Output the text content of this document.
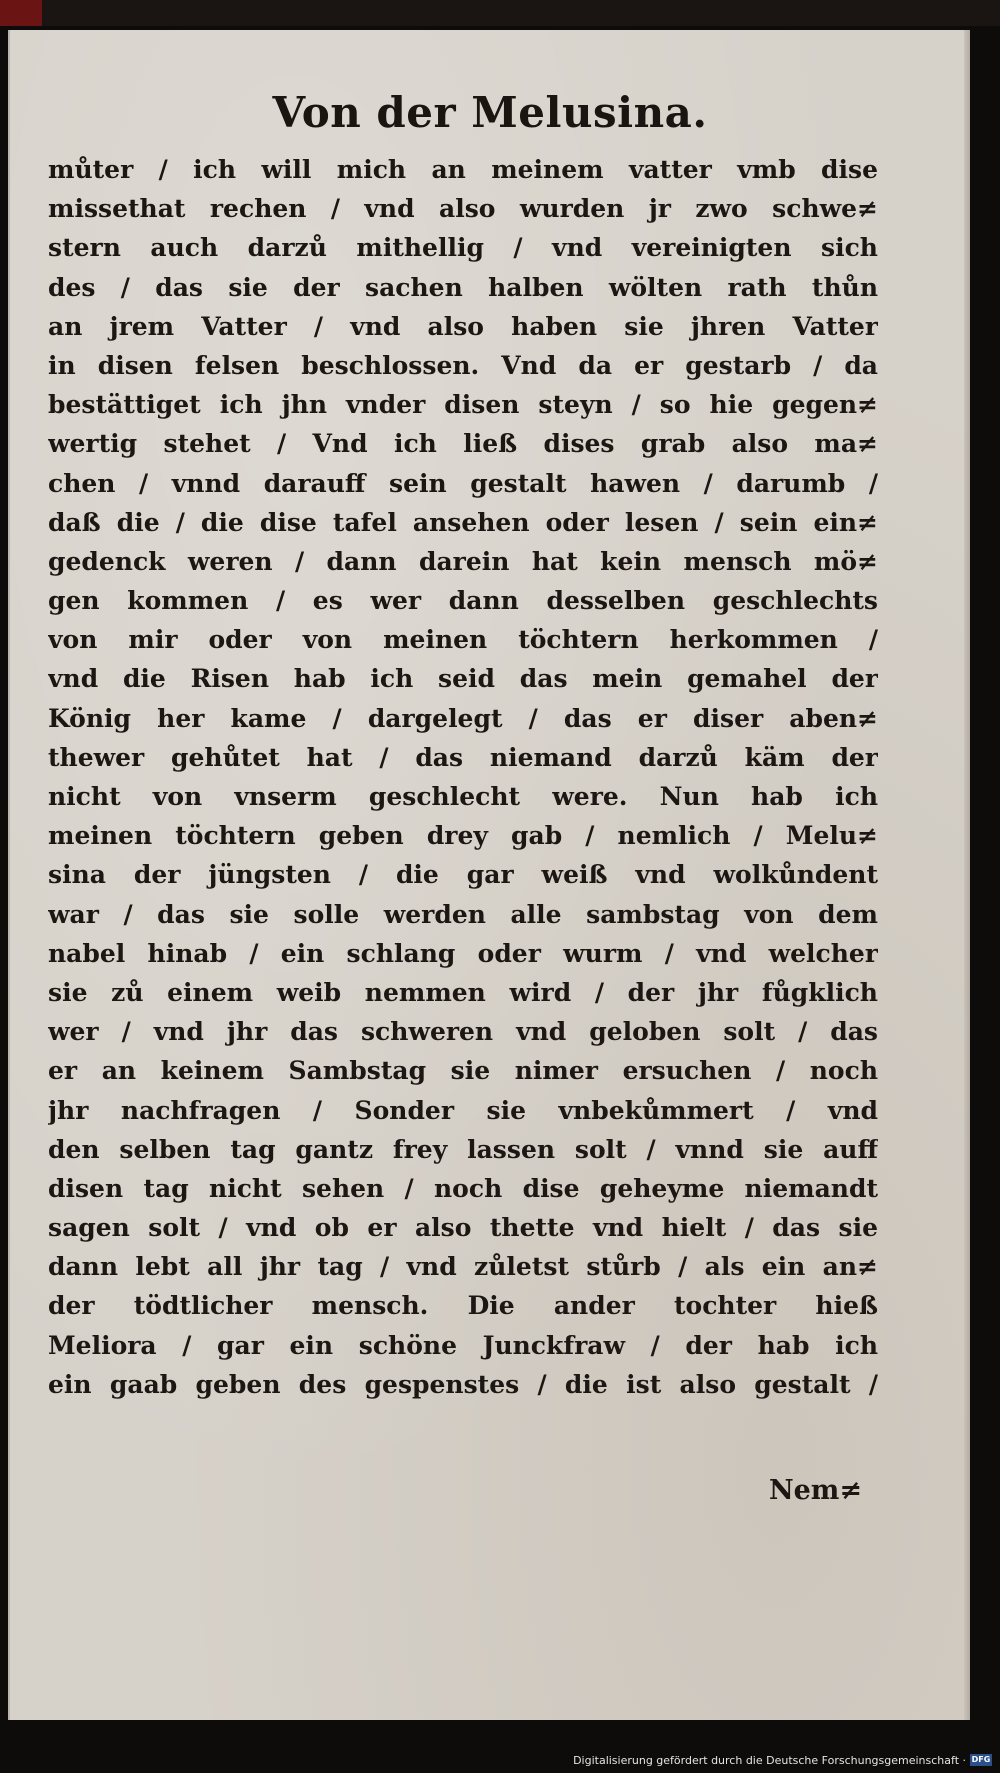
Von der Melusina.
můter / ich will mich an meinem vatter vmb dise
missethat rechen / vnd also wurden jr zwo schwe≠
stern auch darzů mithellig / vnd vereinigten sich
des / das sie der sachen halben wölten rath thůn
an jrem Vatter / vnd also haben sie jhren Vatter
in disen felsen beschlossen. Vnd da er gestarb / da
bestättiget ich jhn vnder disen steyn / so hie gegen≠
wertig stehet / Vnd ich ließ dises grab also ma≠
chen / vnnd darauff sein gestalt hawen / darumb /
daß die / die dise tafel ansehen oder lesen / sein ein≠
gedenck weren / dann darein hat kein mensch mö≠
gen kommen / es wer dann desselben geschlechts
von mir oder von meinen töchtern herkommen /
vnd die Risen hab ich seid das mein gemahel der
König her kame / dargelegt / das er diser aben≠
thewer gehůtet hat / das niemand darzů käm der
nicht von vnserm geschlecht were. Nun hab ich
meinen töchtern geben drey gab / nemlich / Melu≠
sina der jüngsten / die gar weiß vnd wolkůndent
war / das sie solle werden alle sambstag von dem
nabel hinab / ein schlang oder wurm / vnd welcher
sie zů einem weib nemmen wird / der jhr fůgklich
wer / vnd jhr das schweren vnd geloben solt / das
er an keinem Sambstag sie nimer ersuchen / noch
jhr nachfragen / Sonder sie vnbekůmmert / vnd
den selben tag gantz frey lassen solt / vnnd sie auff
disen tag nicht sehen / noch dise geheyme niemandt
sagen solt / vnd ob er also thette vnd hielt / das sie
dann lebt all jhr tag / vnd zůletst stůrb / als ein an≠
der tödtlicher mensch. Die ander tochter hieß
Meliora / gar ein schöne Junckfraw / der hab ich
ein gaab geben des gespenstes / die ist also gestalt /

Nem≠

Digitalisierung gefördert durch die Deutsche Forschungsgemeinschaft · DFG
